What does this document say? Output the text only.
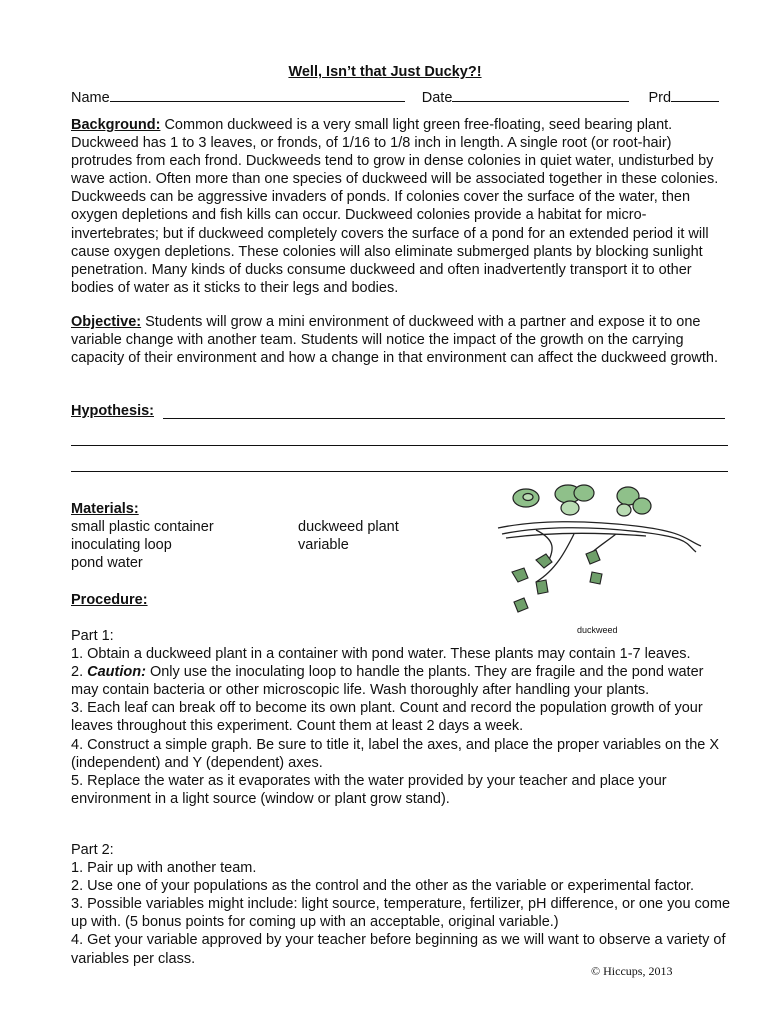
Well, Isn’t that Just Ducky?!
Name	Date	Prd

Background: Common duckweed is a very small light green free-floating, seed bearing plant. Duckweed has 1 to 3 leaves, or fronds, of 1/16 to 1/8 inch in length. A single root (or root-hair) protrudes from each frond. Duckweeds tend to grow in dense colonies in quiet water, undisturbed by wave action. Often more than one species of duckweed will be associated together in these colonies. Duckweeds can be aggressive invaders of ponds. If colonies cover the surface of the water, then oxygen depletions and fish kills can occur. Duckweed colonies provide a habitat for micro-invertebrates; but if duckweed completely covers the surface of a pond for an extended period it will cause oxygen depletions. These colonies will also eliminate submerged plants by blocking sunlight penetration. Many kinds of ducks consume duckweed and often inadvertently transport it to other bodies of water as it sticks to their legs and bodies.

Objective: Students will grow a mini environment of duckweed with a partner and expose it to one variable change with another team. Students will notice the impact of the growth on the carrying capacity of their environment and how a change in that environment can affect the duckweed growth.

Hypothesis:

Materials:

small plastic container

inoculating loop

pond water

duckweed plant

variable

duckweed

Procedure:

Part 1:

1. Obtain a duckweed plant in a container with pond water. These plants may contain 1-7 leaves.

2. Caution: Only use the inoculating loop to handle the plants. They are fragile and the pond water may contain bacteria or other microscopic life. Wash thoroughly after handling your plants.

3. Each leaf can break off to become its own plant. Count and record the population growth of your leaves throughout this experiment. Count them at least 2 days a week.

4. Construct a simple graph. Be sure to title it, label the axes, and place the proper variables on the X (independent) and Y (dependent) axes.

5. Replace the water as it evaporates with the water provided by your teacher and place your environment in a light source (window or plant grow stand).

Part 2:

1. Pair up with another team.

2. Use one of your populations as the control and the other as the variable or experimental factor.

3. Possible variables might include: light source, temperature, fertilizer, pH difference, or one you come up with. (5 bonus points for coming up with an acceptable, original variable.)

4. Get your variable approved by your teacher before beginning as we will want to observe a variety of variables per class.

© Hiccups, 2013
